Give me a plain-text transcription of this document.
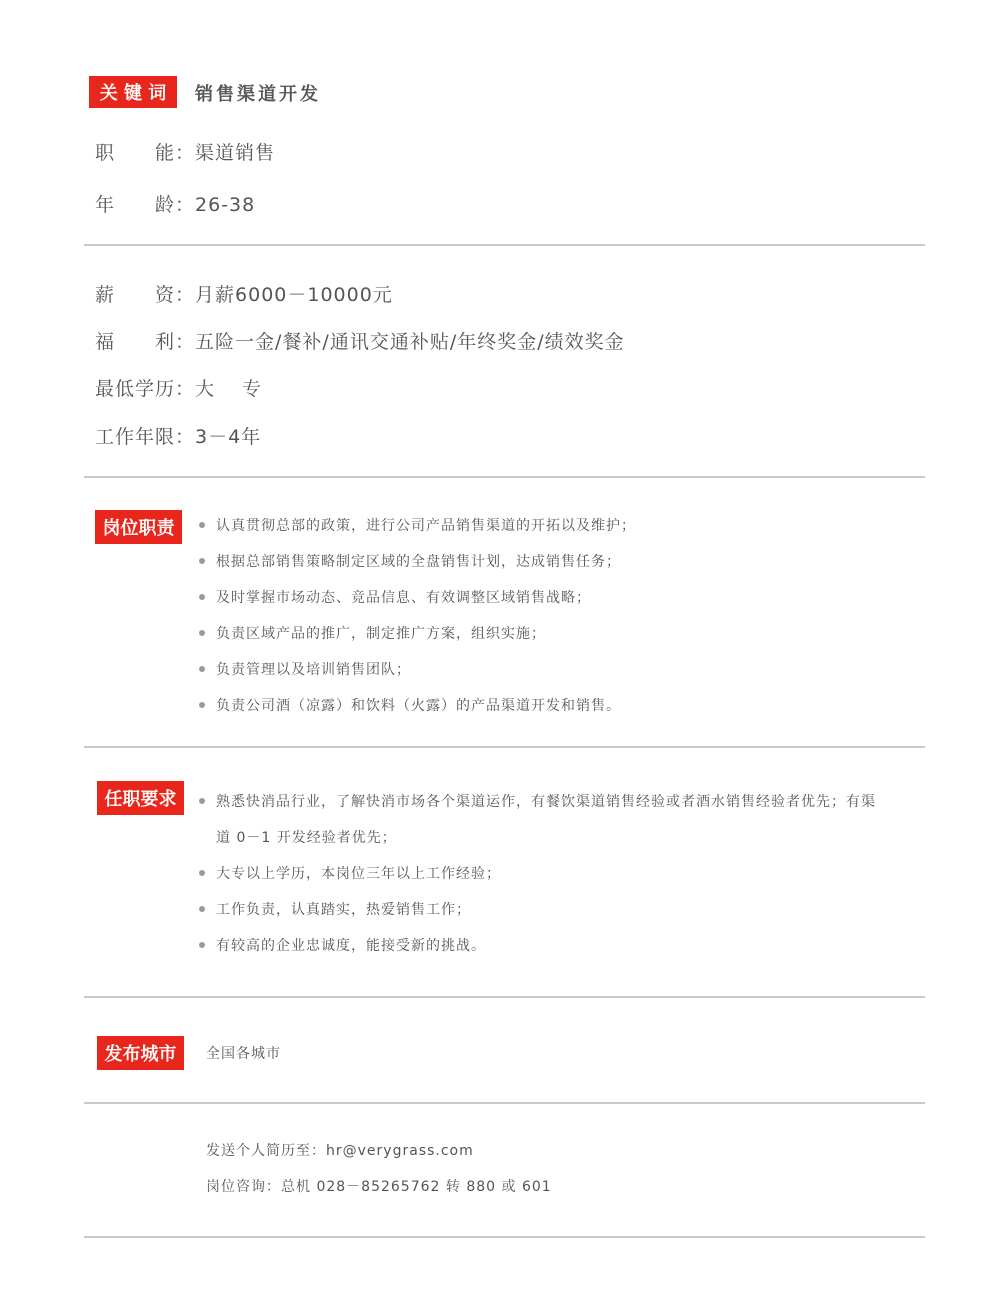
关 键 词	销售渠道开发
职　　能：渠道销售
年　　龄：26-38
薪　　资：月薪6000－10000元
福　　利：五险一金/餐补/通讯交通补贴/年终奖金/绩效奖金
最低学历：大　 专
工作年限：3－4年
岗位职责	认真贯彻总部的政策，进行公司产品销售渠道的开拓以及维护；
根据总部销售策略制定区域的全盘销售计划，达成销售任务；
及时掌握市场动态、竞品信息、有效调整区域销售战略；
负责区域产品的推广，制定推广方案，组织实施；
负责管理以及培训销售团队；
负责公司酒（凉露）和饮料（火露）的产品渠道开发和销售。
任职要求	熟悉快消品行业，了解快消市场各个渠道运作，有餐饮渠道销售经验或者酒水销售经验者优先；有渠道 0－1 开发经验者优先；
大专以上学历，本岗位三年以上工作经验；
工作负责，认真踏实，热爱销售工作；
有较高的企业忠诚度，能接受新的挑战。
发布城市	全国各城市
发送个人简历至：hr@verygrass.com
岗位咨询：总机 028－85265762 转 880 或 601
